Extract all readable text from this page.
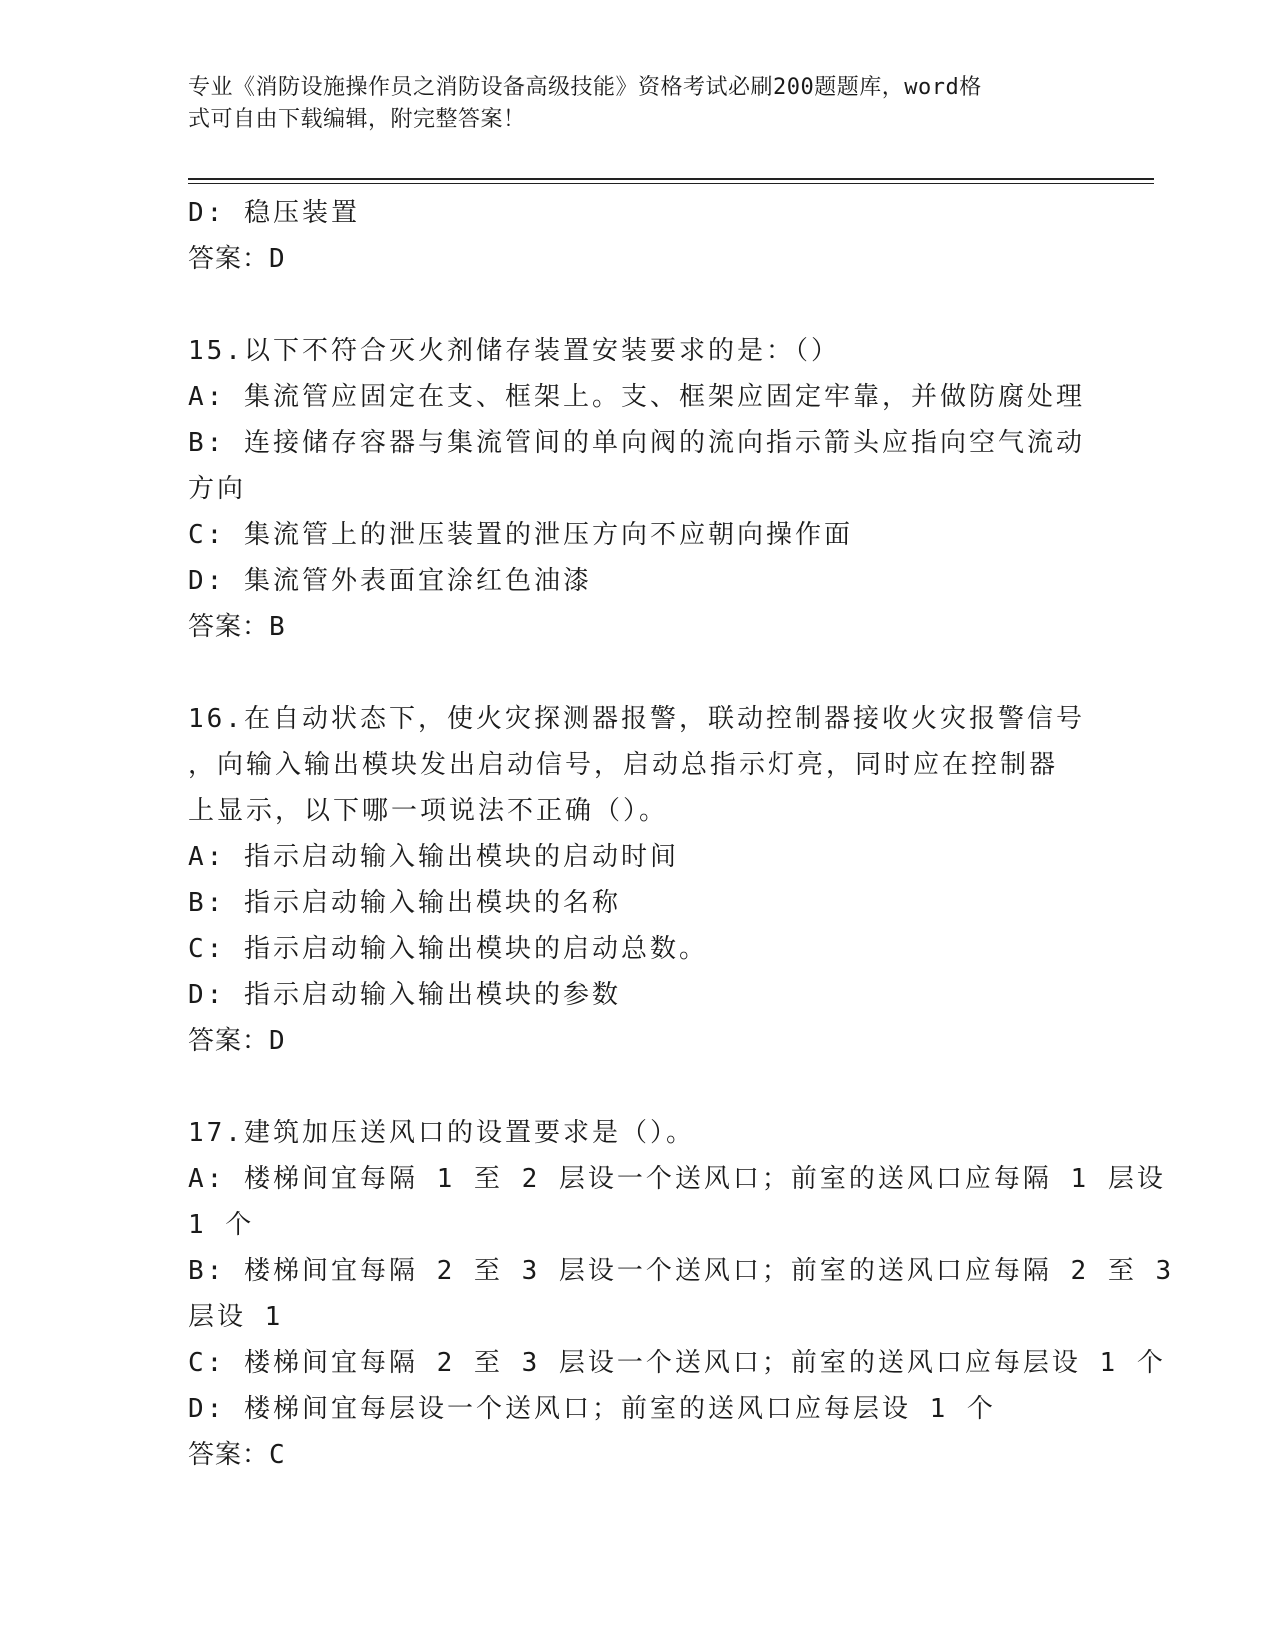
专业《消防设施操作员之消防设备高级技能》资格考试必刷200题题库，word格
式可自由下载编辑，附完整答案！
D: 稳压装置
答案：D
15.以下不符合灭火剂储存装置安装要求的是：（）
A: 集流管应固定在支、框架上。支、框架应固定牢靠，并做防腐处理
B: 连接储存容器与集流管间的单向阀的流向指示箭头应指向空气流动
方向
C: 集流管上的泄压装置的泄压方向不应朝向操作面
D: 集流管外表面宜涂红色油漆
答案：B
16.在自动状态下，使火灾探测器报警，联动控制器接收火灾报警信号
，向输入输出模块发出启动信号，启动总指示灯亮，同时应在控制器
上显示，以下哪一项说法不正确（）。
A: 指示启动输入输出模块的启动时间
B: 指示启动输入输出模块的名称
C: 指示启动输入输出模块的启动总数。
D: 指示启动输入输出模块的参数
答案：D
17.建筑加压送风口的设置要求是（）。
A: 楼梯间宜每隔 1 至 2 层设一个送风口；前室的送风口应每隔 1 层设
1 个
B: 楼梯间宜每隔 2 至 3 层设一个送风口；前室的送风口应每隔 2 至 3
层设 1
C: 楼梯间宜每隔 2 至 3 层设一个送风口；前室的送风口应每层设 1 个
D: 楼梯间宜每层设一个送风口；前室的送风口应每层设 1 个
答案：C
